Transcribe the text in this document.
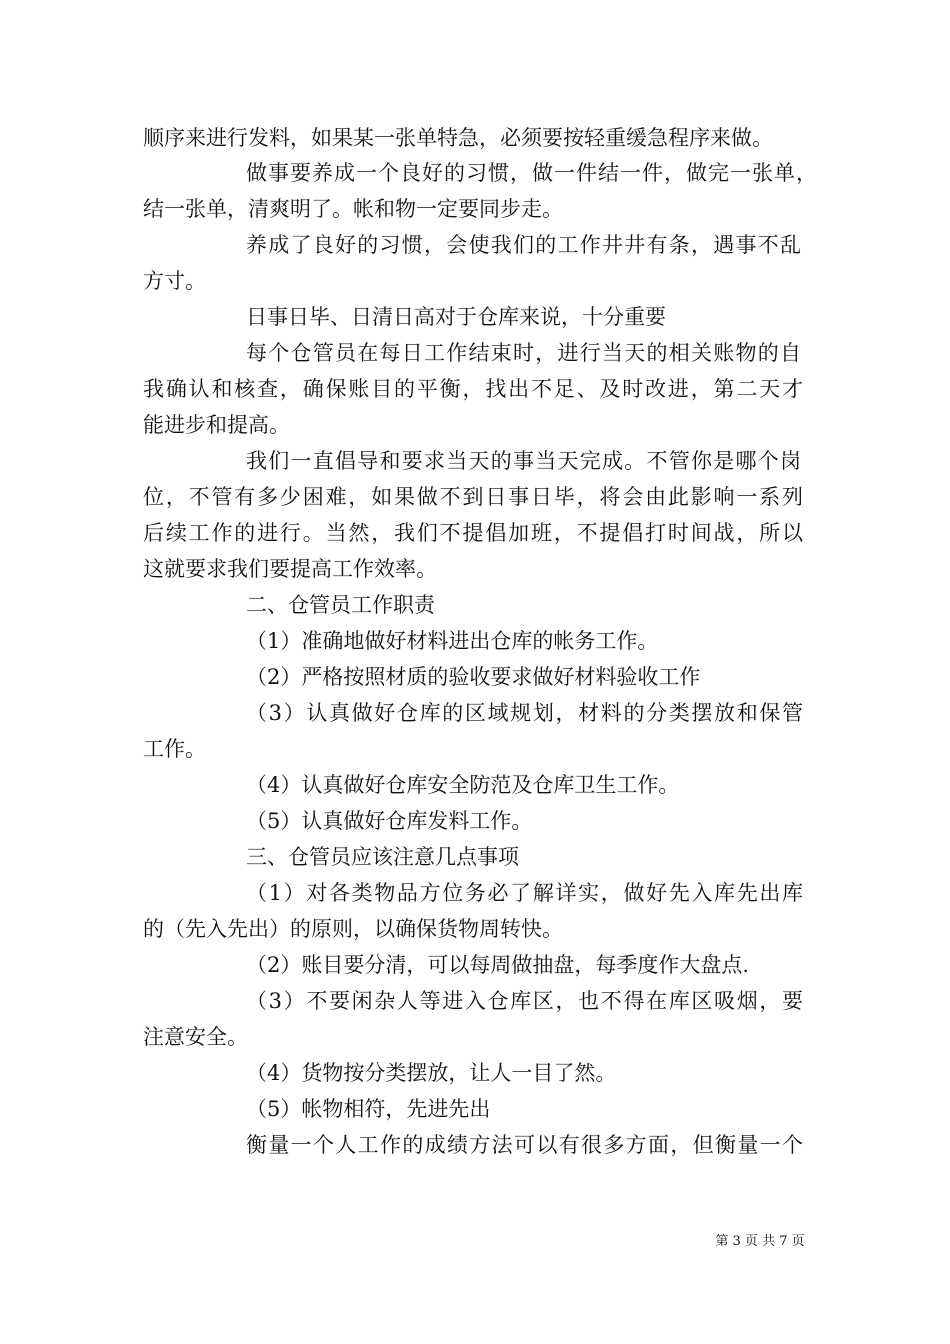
顺序来进行发料，如果某一张单特急，必须要按轻重缓急程序来做。
做事要养成一个良好的习惯，做一件结一件，做完一张单，
结一张单，清爽明了。帐和物一定要同步走。
养成了良好的习惯，会使我们的工作井井有条，遇事不乱
方寸。
日事日毕、日清日高对于仓库来说，十分重要
每个仓管员在每日工作结束时，进行当天的相关账物的自
我确认和核查，确保账目的平衡，找出不足、及时改进，第二天才
能进步和提高。
我们一直倡导和要求当天的事当天完成。不管你是哪个岗
位，不管有多少困难，如果做不到日事日毕，将会由此影响一系列
后续工作的进行。当然，我们不提倡加班，不提倡打时间战，所以
这就要求我们要提高工作效率。
二、仓管员工作职责
（1）准确地做好材料进出仓库的帐务工作。
（2）严格按照材质的验收要求做好材料验收工作
（3）认真做好仓库的区域规划，材料的分类摆放和保管
工作。
（4）认真做好仓库安全防范及仓库卫生工作。
（5）认真做好仓库发料工作。
三、仓管员应该注意几点事项
（1）对各类物品方位务必了解详实，做好先入库先出库
的（先入先出）的原则，以确保货物周转快。
（2）账目要分清，可以每周做抽盘，每季度作大盘点.
（3）不要闲杂人等进入仓库区，也不得在库区吸烟，要
注意安全。
（4）货物按分类摆放，让人一目了然。
（5）帐物相符，先进先出
衡量一个人工作的成绩方法可以有很多方面，但衡量一个
第 3 页 共 7 页
